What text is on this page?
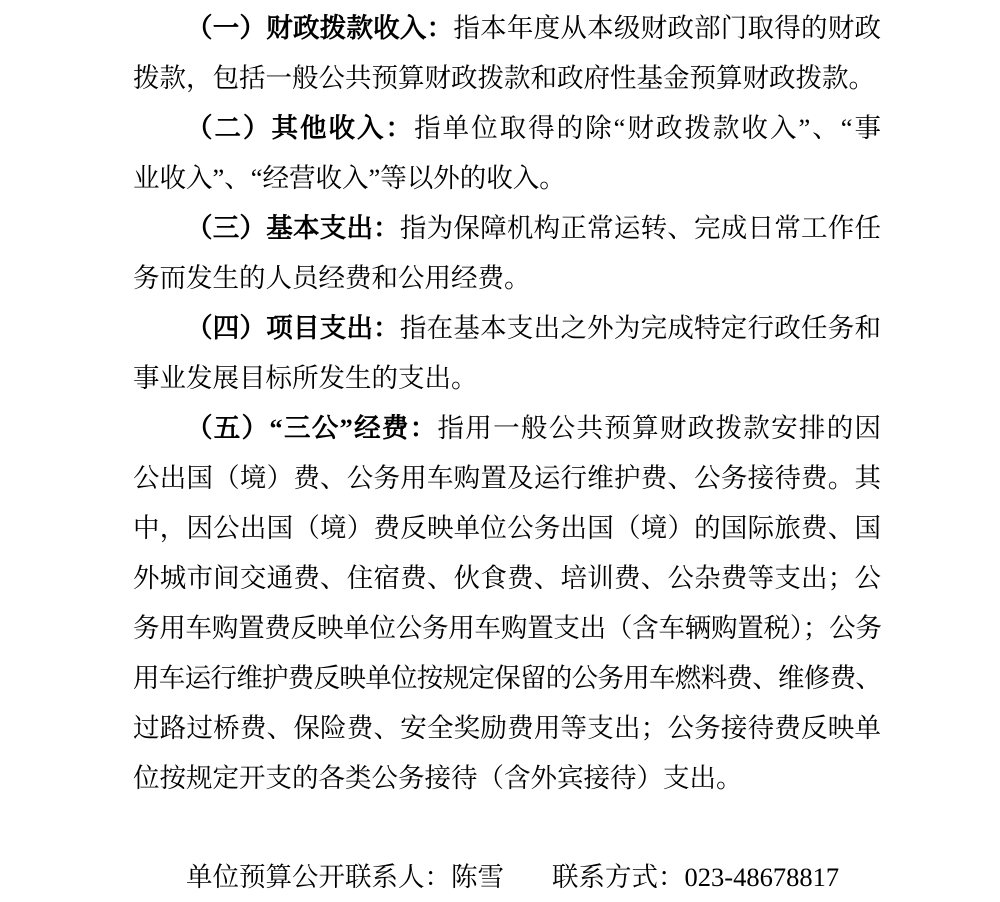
（一）财政拨款收入：指本年度从本级财政部门取得的财政
拨款，包括一般公共预算财政拨款和政府性基金预算财政拨款。
（二）其他收入：指单位取得的除“财政拨款收入”、“事
业收入”、“经营收入”等以外的收入。
（三）基本支出：指为保障机构正常运转、完成日常工作任
务而发生的人员经费和公用经费。
（四）项目支出：指在基本支出之外为完成特定行政任务和
事业发展目标所发生的支出。
（五）“三公”经费：指用一般公共预算财政拨款安排的因
公出国（境）费、公务用车购置及运行维护费、公务接待费。其
中，因公出国（境）费反映单位公务出国（境）的国际旅费、国
外城市间交通费、住宿费、伙食费、培训费、公杂费等支出；公
务用车购置费反映单位公务用车购置支出（含车辆购置税）；公务
用车运行维护费反映单位按规定保留的公务用车燃料费、维修费、
过路过桥费、保险费、安全奖励费用等支出；公务接待费反映单
位按规定开支的各类公务接待（含外宾接待）支出。
单位预算公开联系人：陈雪 联系方式：023-48678817
